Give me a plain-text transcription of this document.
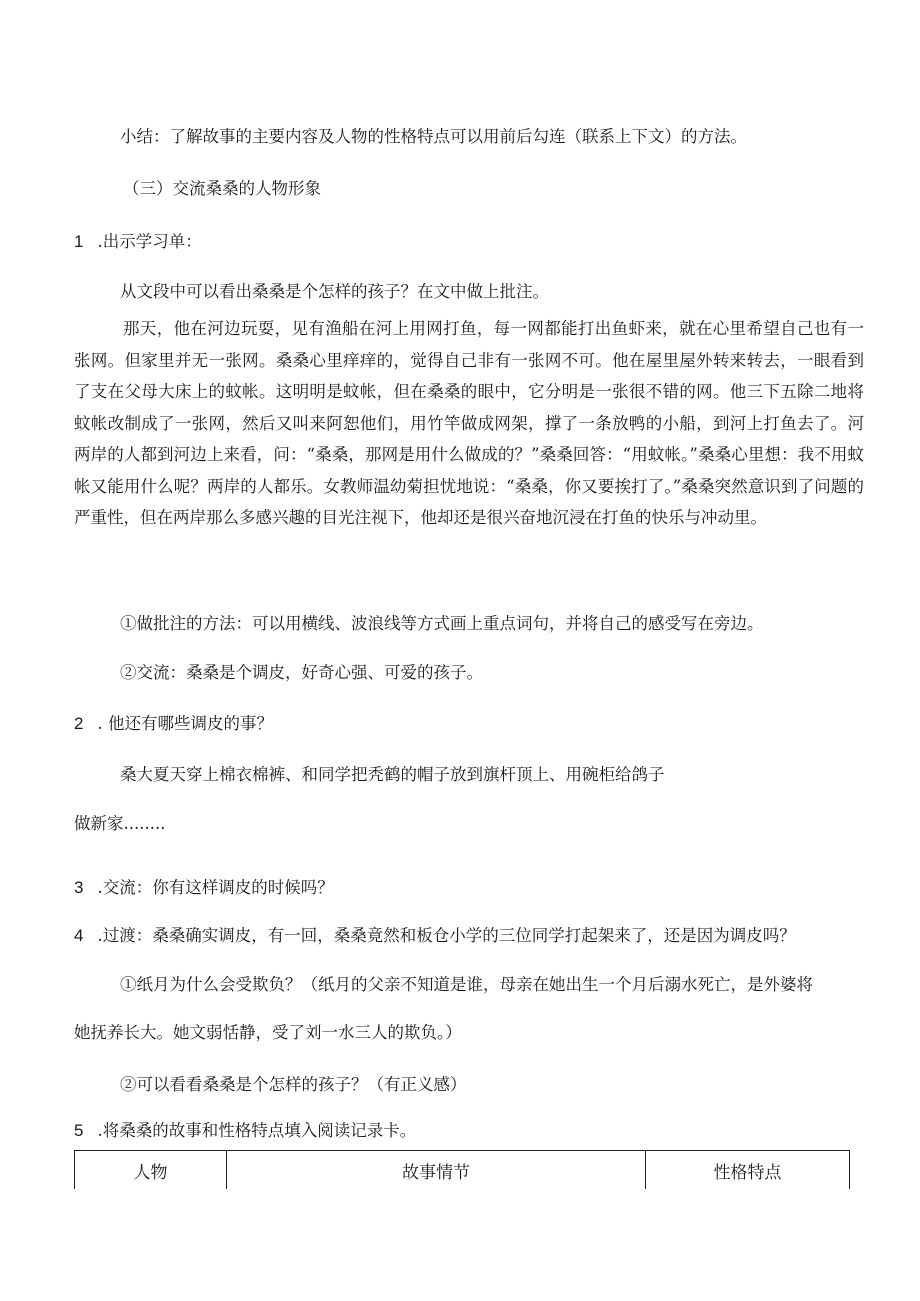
小结：了解故事的主要内容及人物的性格特点可以用前后勾连（联系上下文）的方法。
（三）交流桑桑的人物形象
1 .出示学习单：
从文段中可以看出桑桑是个怎样的孩子？在文中做上批注。
那天，他在河边玩耍，见有渔船在河上用网打鱼，每一网都能打出鱼虾来，就在心里希望自己也有一张网。但家里并无一张网。桑桑心里痒痒的，觉得自己非有一张网不可。他在屋里屋外转来转去，一眼看到了支在父母大床上的蚊帐。这明明是蚊帐，但在桑桑的眼中，它分明是一张很不错的网。他三下五除二地将蚊帐改制成了一张网，然后又叫来阿恕他们，用竹竿做成网架，撑了一条放鸭的小船，到河上打鱼去了。河两岸的人都到河边上来看，问：“桑桑，那网是用什么做成的？”桑桑回答：“用蚊帐。”桑桑心里想：我不用蚊帐又能用什么呢？两岸的人都乐。女教师温幼菊担忧地说：“桑桑，你又要挨打了。”桑桑突然意识到了问题的严重性，但在两岸那么多感兴趣的目光注视下，他却还是很兴奋地沉浸在打鱼的快乐与冲动里。
①做批注的方法：可以用横线、波浪线等方式画上重点词句，并将自己的感受写在旁边。
②交流：桑桑是个调皮，好奇心强、可爱的孩子。
2 . 他还有哪些调皮的事？
桑大夏天穿上棉衣棉裤、和同学把秃鹤的帽子放到旗杆顶上、用碗柜给鸽子
做新家........
3 .交流：你有这样调皮的时候吗？
4 .过渡：桑桑确实调皮，有一回，桑桑竟然和板仓小学的三位同学打起架来了，还是因为调皮吗？
①纸月为什么会受欺负？（纸月的父亲不知道是谁，母亲在她出生一个月后溺水死亡，是外婆将
她抚养长大。她文弱恬静，受了刘一水三人的欺负。）
②可以看看桑桑是个怎样的孩子？（有正义感）
5 .将桑桑的故事和性格特点填入阅读记录卡。
人物	故事情节	性格特点
